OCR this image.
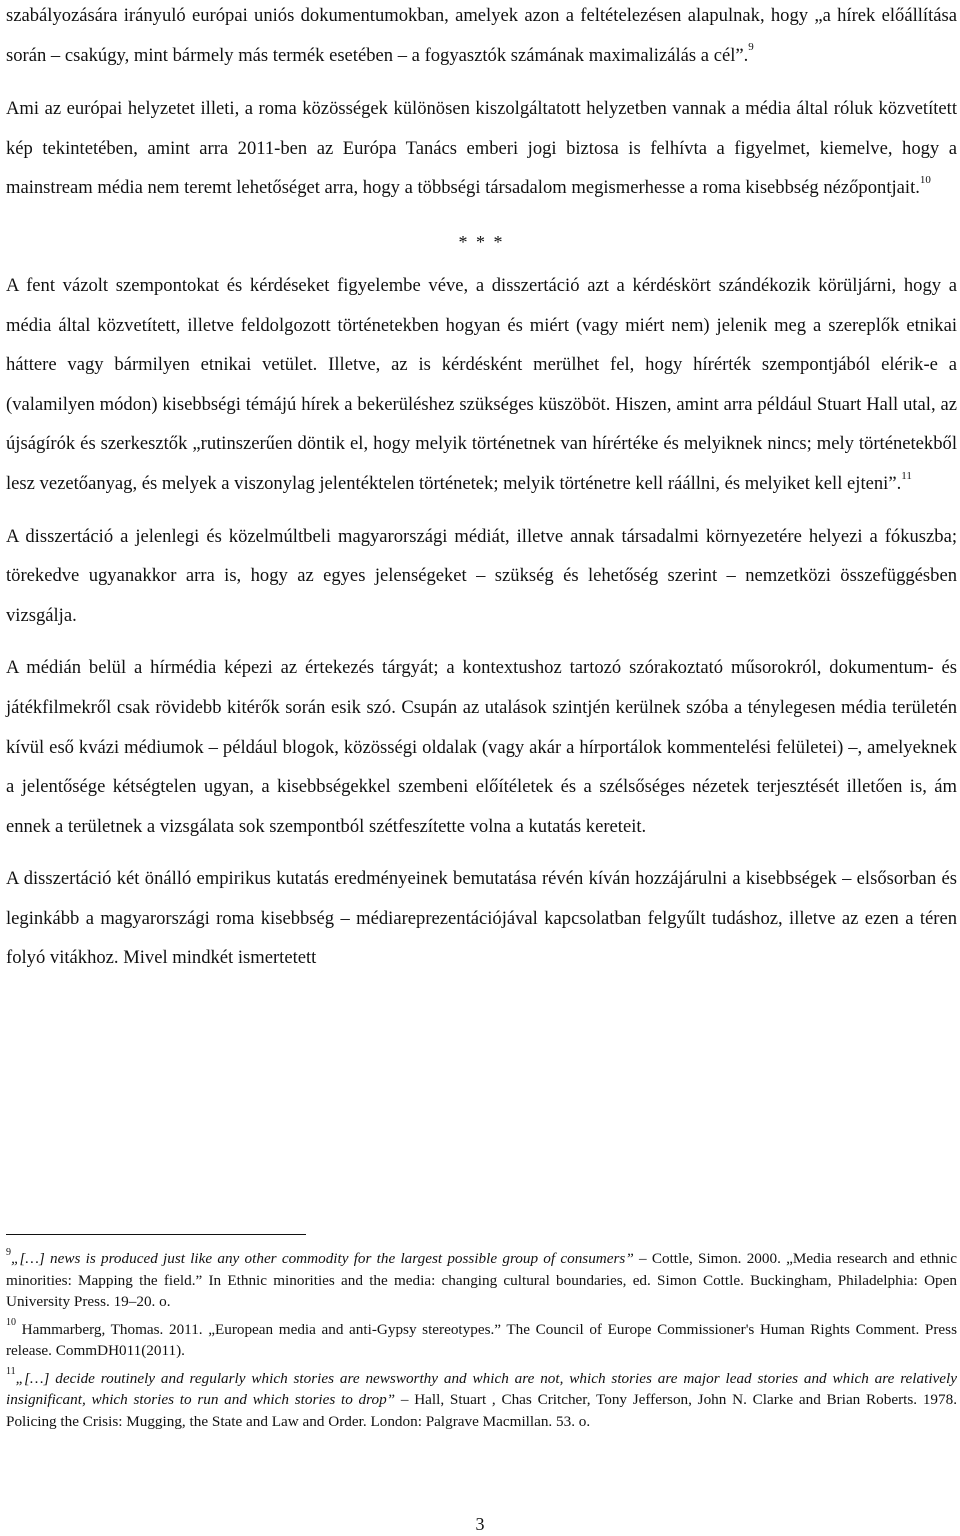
szabályozására irányuló európai uniós dokumentumokban, amelyek azon a feltételezésen alapulnak, hogy „a hírek előállítása során – csakúgy, mint bármely más termék esetében – a fogyasztók számának maximalizálás a cél”.$^9$

Ami az európai helyzetet illeti, a roma közösségek különösen kiszolgáltatott helyzetben vannak a média által róluk közvetített kép tekintetében, amint arra 2011-ben az Európa Tanács emberi jogi biztosa is felhívta a figyelmet, kiemelve, hogy a mainstream média nem teremt lehetőséget arra, hogy a többségi társadalom megismerhesse a roma kisebbség nézőpontjait.$^{10}$

* * *

A fent vázolt szempontokat és kérdéseket figyelembe véve, a disszertáció azt a kérdéskört szándékozik körüljárni, hogy a média által közvetített, illetve feldolgozott történetekben hogyan és miért (vagy miért nem) jelenik meg a szereplők etnikai háttere vagy bármilyen etnikai vetület. Illetve, az is kérdésként merülhet fel, hogy hírérték szempontjából elérik-e a (valamilyen módon) kisebbségi témájú hírek a bekerüléshez szükséges küszöböt. Hiszen, amint arra például Stuart Hall utal, az újságírók és szerkesztők „rutinszerűen döntik el, hogy melyik történetnek van hírértéke és melyiknek nincs; mely történetekből lesz vezetőanyag, és melyek a viszonylag jelentéktelen történetek; melyik történetre kell ráállni, és melyiket kell ejteni”.$^{11}$

A disszertáció a jelenlegi és közelmúltbeli magyarországi médiát, illetve annak társadalmi környezetére helyezi a fókuszba; törekedve ugyanakkor arra is, hogy az egyes jelenségeket – szükség és lehetőség szerint – nemzetközi összefüggésben vizsgálja.

A médián belül a hírmédia képezi az értekezés tárgyát; a kontextushoz tartozó szórakoztató műsorokról, dokumentum- és játékfilmekről csak rövidebb kitérők során esik szó. Csupán az utalások szintjén kerülnek szóba a ténylegesen média területén kívül eső kvázi médiumok – például blogok, közösségi oldalak (vagy akár a hírportálok kommentelési felületei) –, amelyeknek a jelentősége kétségtelen ugyan, a kisebbségekkel szembeni előítéletek és a szélsőséges nézetek terjesztését illetően is, ám ennek a területnek a vizsgálata sok szempontból szétfeszítette volna a kutatás kereteit.

A disszertáció két önálló empirikus kutatás eredményeinek bemutatása révén kíván hozzájárulni a kisebbségek – elsősorban és leginkább a magyarországi roma kisebbség – médiareprezentációjával kapcsolatban felgyűlt tudáshoz, illetve az ezen a téren folyó vitákhoz. Mivel mindkét ismertetett

$^9$„[…] news is produced just like any other commodity for the largest possible group of consumers” – Cottle, Simon. 2000. „Media research and ethnic minorities: Mapping the field.” In Ethnic minorities and the media: changing cultural boundaries, ed. Simon Cottle. Buckingham, Philadelphia: Open University Press. 19–20. o.

$^{10}$ Hammarberg, Thomas. 2011. „European media and anti-Gypsy stereotypes.” The Council of Europe Commissioner's Human Rights Comment. Press release. CommDH011(2011).

$^{11}$„[…] decide routinely and regularly which stories are newsworthy and which are not, which stories are major lead stories and which are relatively insignificant, which stories to run and which stories to drop” – Hall, Stuart , Chas Critcher, Tony Jefferson, John N. Clarke and Brian Roberts. 1978. Policing the Crisis: Mugging, the State and Law and Order. London: Palgrave Macmillan. 53. o.

3
